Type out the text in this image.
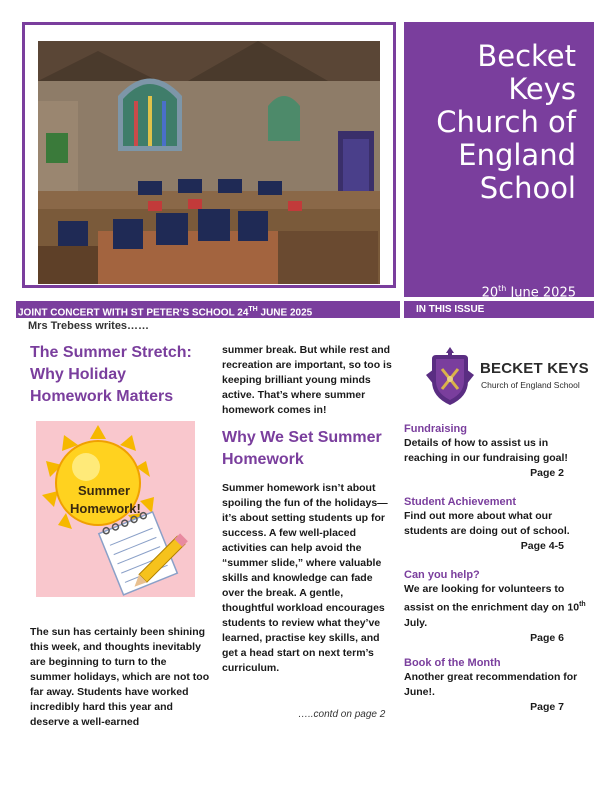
Becket Keys Church of England School
20th June 2025
JOINT CONCERT WITH ST PETER’S SCHOOL 24TH JUNE 2025	IN THIS ISSUE
Mrs Trebess writes……
The Summer Stretch: Why Holiday Homework Matters
Summer
Homework!
The sun has certainly been shining this week, and thoughts inevitably are beginning to turn to the summer holidays, which are not too far away. Students have worked incredibly hard this year and deserve a well-earned
summer break. But while rest and recreation are important, so too is keeping brilliant young minds active. That’s where summer homework comes in!
Why We Set Summer Homework
Summer homework isn’t about spoiling the fun of the holidays—it’s about setting students up for success. A few well-placed activities can help avoid the “summer slide,” where valuable skills and knowledge can fade over the break. A gentle, thoughtful workload encourages students to review what they’ve learned, practise key skills, and get a head start on next term’s curriculum.
…..contd on page 2
BECKET KEYS
Church of England School
Fundraising
Details of how to assist us in reaching in our fundraising goal!
Page 2
Student Achievement
Find out more about what our students are doing out of school.
Page 4-5
Can you help?
We are looking for volunteers to assist on the enrichment day on 10th July.
Page 6
Book of the Month
Another great recommendation for June!.
Page 7
